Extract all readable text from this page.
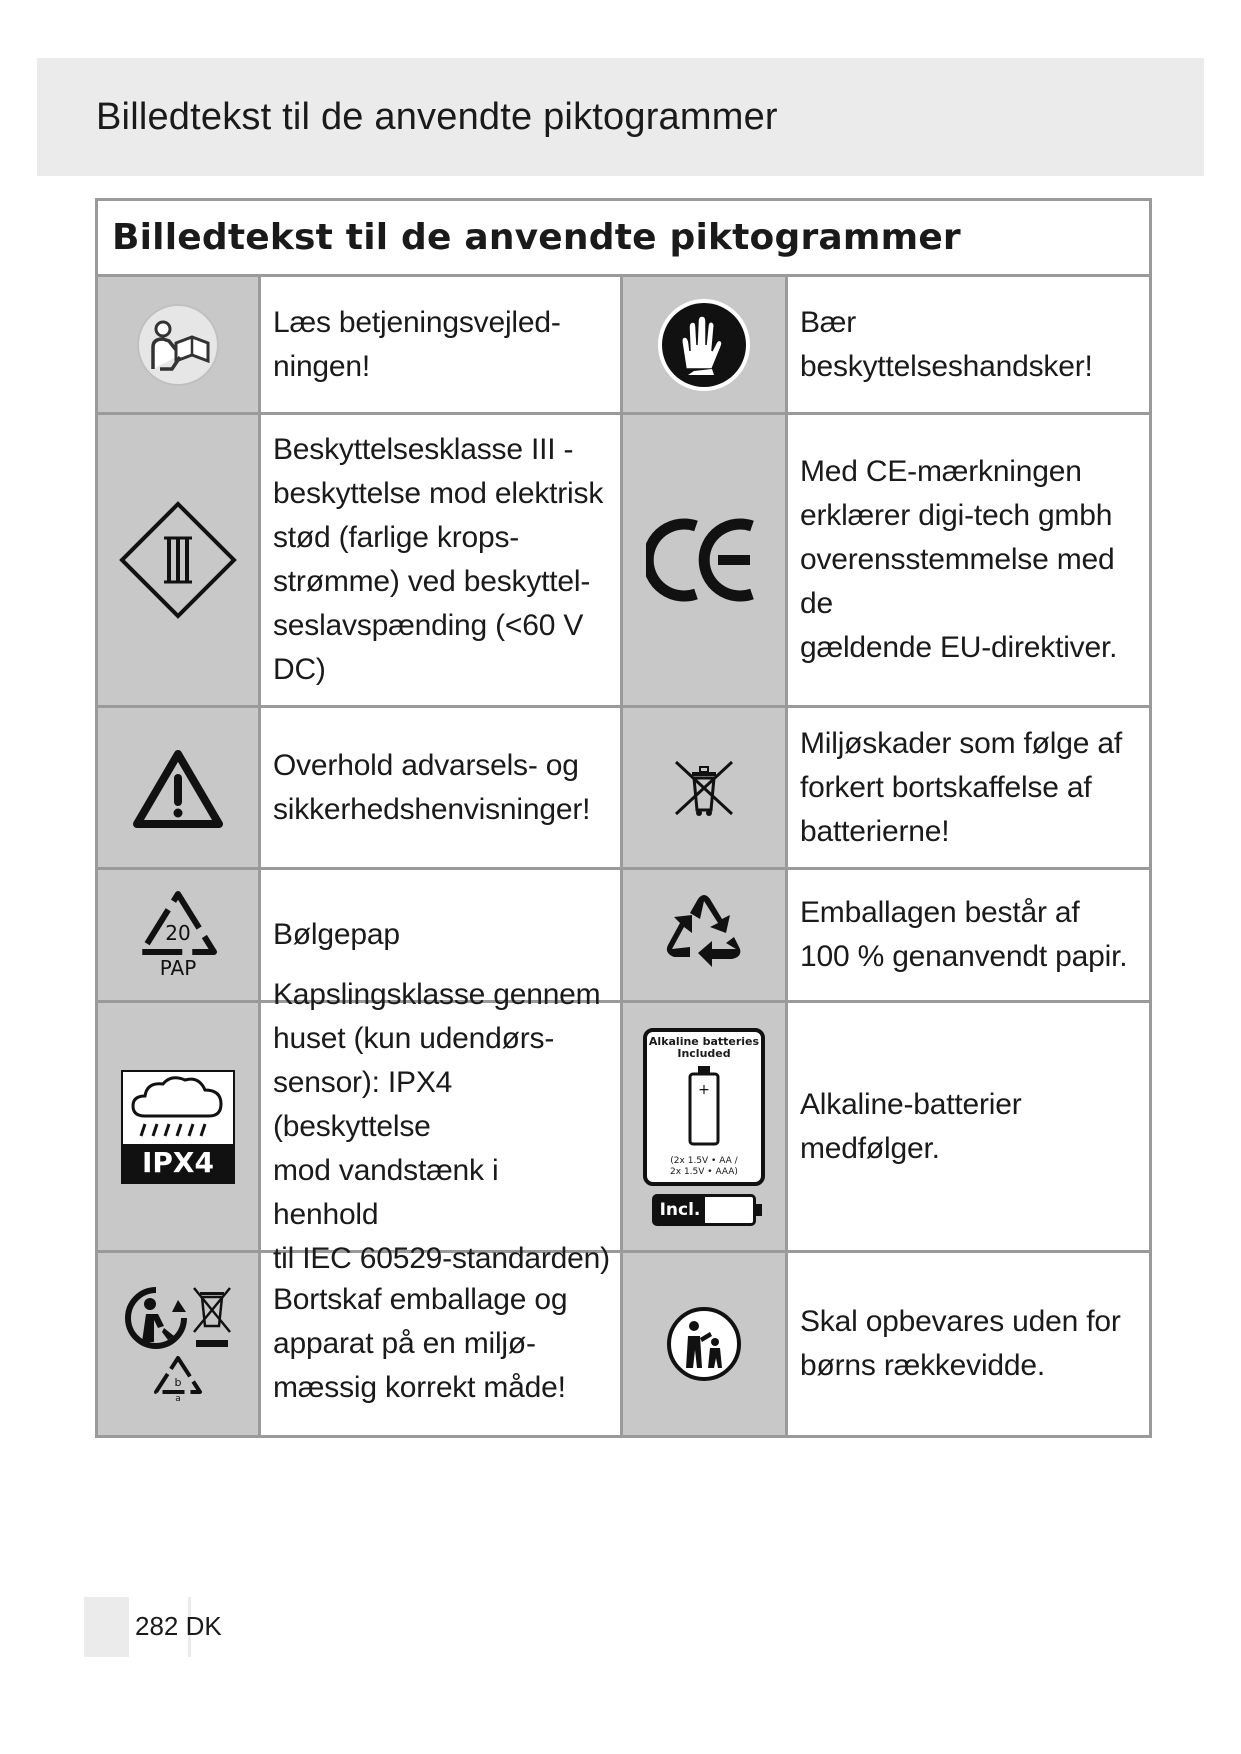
Billedtekst til de anvendte piktogrammer
Billedtekst til de anvendte piktogrammer
Læs betjeningsvejled-
ningen!
Bær beskyttelseshandsker!
Beskyttelsesklasse III -
beskyttelse mod elektrisk
stød (farlige krops-
strømme) ved beskyttel-
seslavspænding (<60 V
DC)
Med CE-mærkningen
erklærer digi-tech gmbh
overensstemmelse med de
gældende EU-direktiver.
Overhold advarsels- og
sikkerhedshenvisninger!
Miljøskader som følge af
forkert bortskaffelse af
batterierne!
20
PAP
Bølgepap
Emballagen består af
100 % genanvendt papir.
IPX4
Kapslingsklasse gennem
huset (kun udendørs-
sensor): IPX4 (beskyttelse
mod vandstænk i henhold
til IEC 60529-standarden)
Alkaline batteries
Included
+
(2x 1.5V • AA /
2x 1.5V • AAA)
Incl.
Alkaline-batterier
medfølger.
b
a
Bortskaf emballage og
apparat på en miljø-
mæssig korrekt måde!
Skal opbevares uden for
børns rækkevidde.
282 DK
